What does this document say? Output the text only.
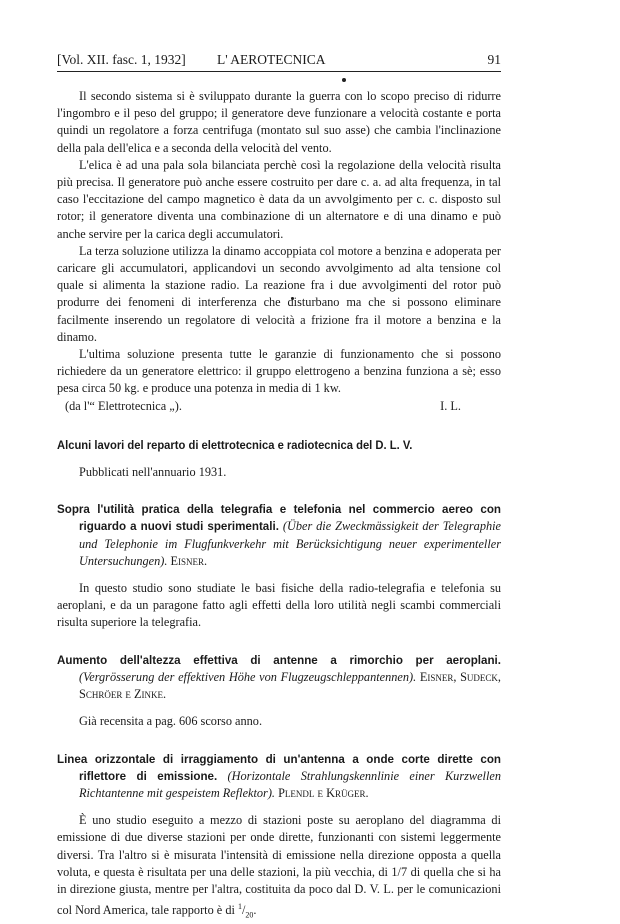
[Vol. XII. fasc. 1, 1932] L' AEROTECNICA	91

Il secondo sistema si è sviluppato durante la guerra con lo scopo preciso di ridurre l'ingombro e il peso del gruppo; il generatore deve funzionare a velocità costante e porta quindi un regolatore a forza centrifuga (montato sul suo asse) che cambia l'inclinazione della pala dell'elica e a seconda della velocità del vento.

L'elica è ad una pala sola bilanciata perchè così la regolazione della velocità risulta più precisa. Il generatore può anche essere costruito per dare c. a. ad alta frequenza, in tal caso l'eccitazione del campo magnetico è data da un avvolgimento per c. c. disposto sul rotor; il generatore diventa una combinazione di un alternatore e di una dinamo e può anche servire per la carica degli accumulatori.

La terza soluzione utilizza la dinamo accoppiata col motore a benzina e adoperata per caricare gli accumulatori, applicandovi un secondo avvolgimento ad alta tensione col quale si alimenta la stazione radio. La reazione fra i due avvolgimenti del rotor può produrre dei fenomeni di interferenza che disturbano ma che si possono eliminare facilmente inserendo un regolatore di velocità a frizione fra il motore a benzina e la dinamo.

L'ultima soluzione presenta tutte le garanzie di funzionamento che si possono richiedere da un generatore elettrico: il gruppo elettrogeno a benzina funziona a sè; esso pesa circa 50 kg. e produce una potenza in media di 1 kw.

(da l'“ Elettrotecnica „).	I. L.

Alcuni lavori del reparto di elettrotecnica e radiotecnica del D. L. V.

Pubblicati nell'annuario 1931.

Sopra l'utilità pratica della telegrafia e telefonia nel commercio aereo con riguardo a nuovi studi sperimentali. (Über die Zweckmässigkeit der Telegraphie und Telephonie im Flugfunkverkehr mit Berücksichtigung neuer experimenteller Untersuchungen). Eisner.

In questo studio sono studiate le basi fisiche della radio-telegrafia e telefonia su aeroplani, e da un paragone fatto agli effetti della loro utilità negli scambi commerciali risulta superiore la telegrafia.

Aumento dell'altezza effettiva di antenne a rimorchio per aeroplani. (Vergrösserung der effektiven Höhe von Flugzeugschleppantennen). Eisner, Sudeck, Schröer e Zinke.

Già recensita a pag. 606 scorso anno.

Linea orizzontale di irraggiamento di un'antenna a onde corte dirette con riflettore di emissione. (Horizontale Strahlungskennlinie einer Kurzwellen Richtantenne mit gespeistem Reflektor). Plendl e Krüger.

È uno studio eseguito a mezzo di stazioni poste su aeroplano del diagramma di emissione di due diverse stazioni per onde dirette, funzionanti con sistemi leggermente diversi. Tra l'altro si è misurata l'intensità di emissione nella direzione opposta a quella voluta, e questa è risultata per una delle stazioni, la più vecchia, di 1/7 di quella che si ha in direzione giusta, mentre per l'altra, costituita da poco dal D. V. L. per le comunicazioni col Nord America, tale rapporto è di $^1/_{20}$.
